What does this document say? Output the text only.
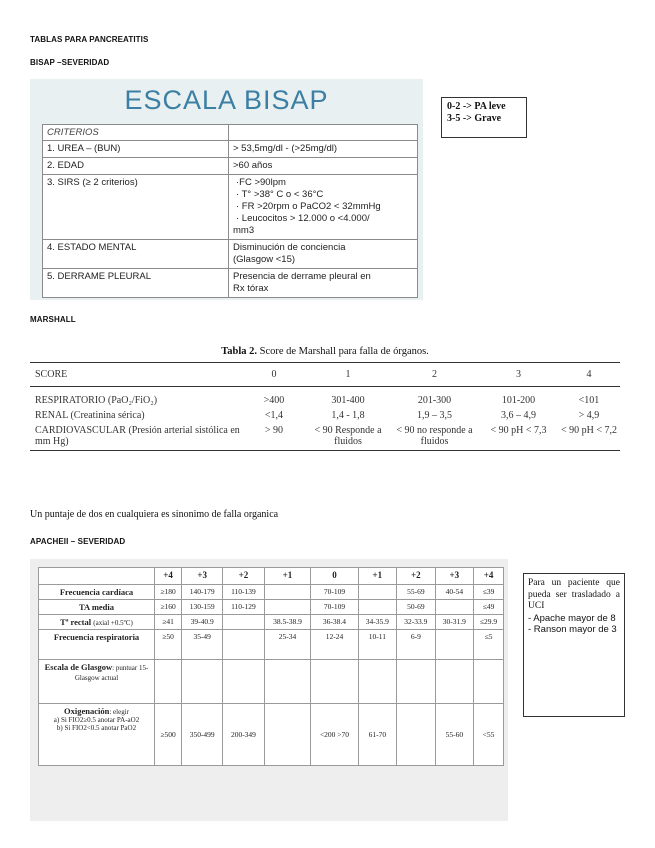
TABLAS PARA PANCREATITIS
BISAP –SEVERIDAD
ESCALA BISAP
CRITERIOS	
1. UREA – (BUN)	> 53,5mg/dl - (>25mg/dl)

2. EDAD	>60 años

3. SIRS (≥ 2 criterios)	·FC >90lpm
· T° >38° C o < 36°C
· FR >20rpm o PaCO2 < 32mmHg
· Leucocitos > 12.000 o <4.000/
mm3

4. ESTADO MENTAL	Disminución de conciencia
(Glasgow <15)

5. DERRAME PLEURAL	Presencia de derrame pleural en
Rx tórax
0-2 -> PA leve
3-5 -> Grave
MARSHALL
Tabla 2. Score de Marshall para falla de órganos.
SCORE	0	1	2	3	4
RESPIRATORIO (PaO₂/FiO₂)	>400	301-400	201-300	101-200	<101
RENAL (Creatinina sérica)	<1,4	1,4 - 1,8	1,9 – 3,5	3,6 – 4,9	> 4,9
CARDIOVASCULAR (Presión arterial sistólica en mm Hg)	> 90	< 90 Responde a fluidos	< 90 no responde a fluidos	< 90 pH < 7,3	< 90 pH < 7,2
Un puntaje de dos en cualquiera es sinonimo de falla organica
APACHEII – SEVERIDAD
	+4	+3	+2	+1	0	+1	+2	+3	+4
Frecuencia cardíaca	≥180	140-179	110-139		70-109		55-69	40-54	≤39
TA media	≥160	130-159	110-129		70-109		50-69		≤49
Tª rectal (axial +0.5ºC)	≥41	39-40.9		38.5-38.9	36-38.4	34-35.9	32-33.9	30-31.9	≤29.9
Frecuencia respiratoria	≥50	35-49		25-34	12-24	10-11	6-9		≤5
Escala de Glasgow: puntuar 15- Glasgow actual									
Oxigenación: elegir
a) Si FIO2≥0.5 anotar PA-aO2
b) Si FIO2<0.5 anotar PaO2	≥500	350-499	200-349		<200 >70	61-70		55-60	<55
Para un paciente que pueda ser trasladado a UCI
- Apache mayor de 8
- Ranson mayor de 3
